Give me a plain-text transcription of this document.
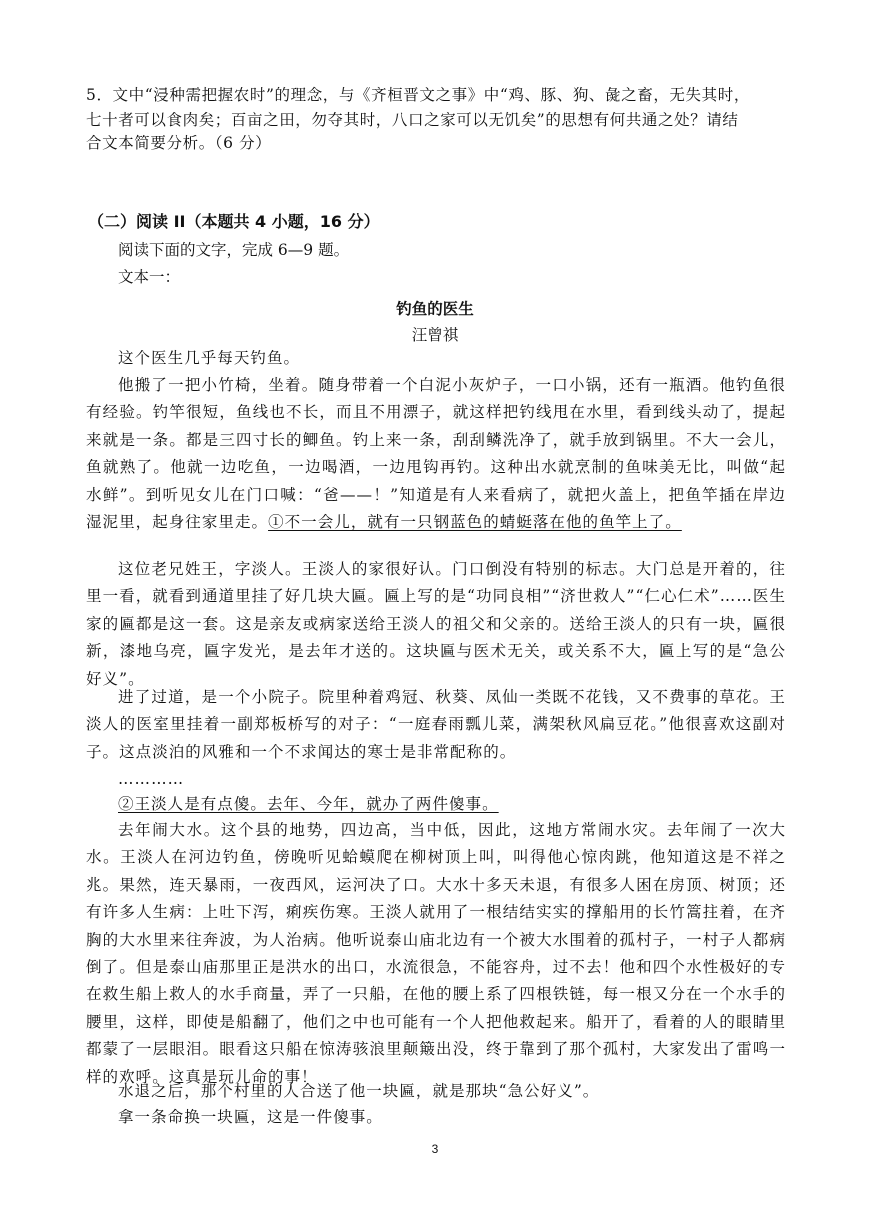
5．文中“浸种需把握农时”的理念，与《齐桓晋文之事》中“鸡、豚、狗、彘之畜，无失其时，
七十者可以食肉矣；百亩之田，勿夺其时，八口之家可以无饥矣”的思想有何共通之处？请结
合文本简要分析。（6 分）
（二）阅读 II（本题共 4 小题，16 分）
阅读下面的文字，完成 6—9 题。
文本一：
钓鱼的医生
汪曾祺

这个医生几乎每天钓鱼。

他搬了一把小竹椅，坐着。随身带着一个白泥小灰炉子，一口小锅，还有一瓶酒。他钓鱼很有经验。钓竿很短，鱼线也不长，而且不用漂子，就这样把钓线甩在水里，看到线头动了，提起来就是一条。都是三四寸长的鲫鱼。钓上来一条，刮刮鳞洗净了，就手放到锅里。不大一会儿，鱼就熟了。他就一边吃鱼，一边喝酒，一边甩钩再钓。这种出水就烹制的鱼味美无比，叫做“起水鲜”。到听见女儿在门口喊：“爸——！”知道是有人来看病了，就把火盖上，把鱼竿插在岸边湿泥里，起身往家里走。①不一会儿，就有一只钢蓝色的蜻蜓落在他的鱼竿上了。

这位老兄姓王，字淡人。王淡人的家很好认。门口倒没有特别的标志。大门总是开着的，往里一看，就看到通道里挂了好几块大匾。匾上写的是“功同良相”“济世救人”“仁心仁术”……医生家的匾都是这一套。这是亲友或病家送给王淡人的祖父和父亲的。送给王淡人的只有一块，匾很新，漆地乌亮，匾字发光，是去年才送的。这块匾与医术无关，或关系不大，匾上写的是“急公好义”。

进了过道，是一个小院子。院里种着鸡冠、秋葵、凤仙一类既不花钱，又不费事的草花。王淡人的医室里挂着一副郑板桥写的对子：“一庭春雨瓢儿菜，满架秋风扁豆花。”他很喜欢这副对子。这点淡泊的风雅和一个不求闻达的寒士是非常配称的。

…………

②王淡人是有点傻。去年、今年，就办了两件傻事。

去年闹大水。这个县的地势，四边高，当中低，因此，这地方常闹水灾。去年闹了一次大水。王淡人在河边钓鱼，傍晚听见蛤蟆爬在柳树顶上叫，叫得他心惊肉跳，他知道这是不祥之兆。果然，连天暴雨，一夜西风，运河决了口。大水十多天未退，有很多人困在房顶、树顶；还有许多人生病：上吐下泻，痢疾伤寒。王淡人就用了一根结结实实的撑船用的长竹篙拄着，在齐胸的大水里来往奔波，为人治病。他听说泰山庙北边有一个被大水围着的孤村子，一村子人都病倒了。但是泰山庙那里正是洪水的出口，水流很急，不能容舟，过不去！他和四个水性极好的专在救生船上救人的水手商量，弄了一只船，在他的腰上系了四根铁链，每一根又分在一个水手的腰里，这样，即使是船翻了，他们之中也可能有一个人把他救起来。船开了，看着的人的眼睛里都蒙了一层眼泪。眼看这只船在惊涛骇浪里颠簸出没，终于靠到了那个孤村，大家发出了雷鸣一样的欢呼。这真是玩儿命的事！

水退之后，那个村里的人合送了他一块匾，就是那块“急公好义”。

拿一条命换一块匾，这是一件傻事。

3
